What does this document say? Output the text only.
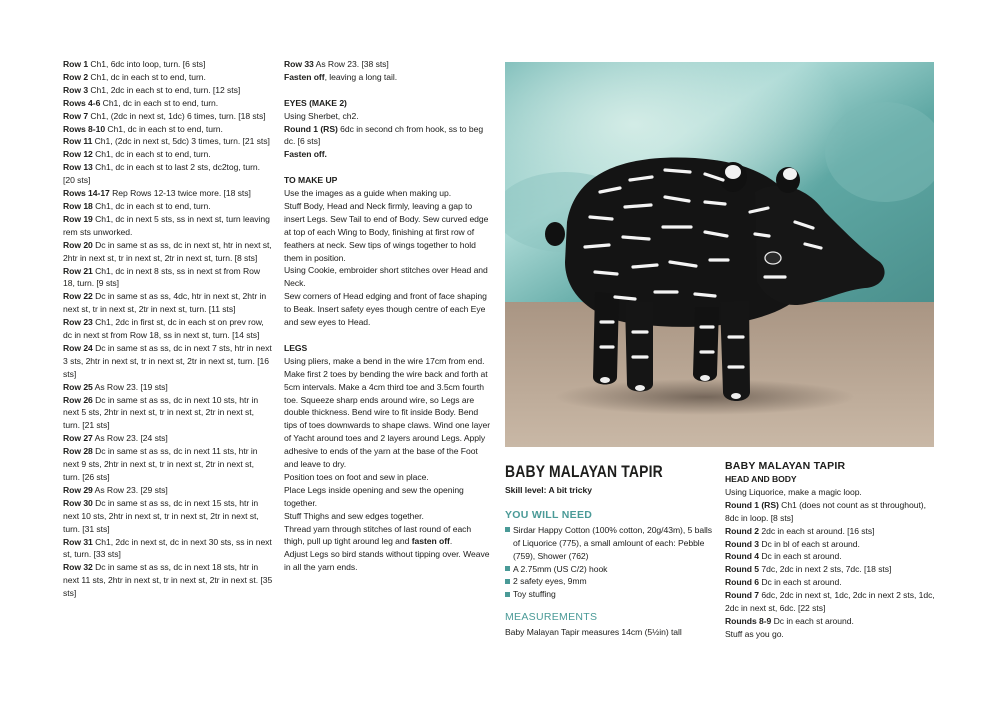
Row 1 Ch1, 6dc into loop, turn. [6 sts]

Row 2 Ch1, dc in each st to end, turn.

Row 3 Ch1, 2dc in each st to end, turn. [12 sts]

Rows 4-6 Ch1, dc in each st to end, turn.

Row 7 Ch1, (2dc in next st, 1dc) 6 times, turn. [18 sts]

Rows 8-10 Ch1, dc in each st to end, turn.

Row 11 Ch1, (2dc in next st, 5dc) 3 times, turn. [21 sts]

Row 12 Ch1, dc in each st to end, turn.

Row 13 Ch1, dc in each st to last 2 sts, dc2tog, turn. [20 sts]

Rows 14-17 Rep Rows 12-13 twice more. [18 sts]

Row 18 Ch1, dc in each st to end, turn.

Row 19 Ch1, dc in next 5 sts, ss in next st, turn leaving rem sts unworked.

Row 20 Dc in same st as ss, dc in next st, htr in next st, 2htr in next st, tr in next st, 2tr in next st, turn. [8 sts]

Row 21 Ch1, dc in next 8 sts, ss in next st from Row 18, turn. [9 sts]

Row 22 Dc in same st as ss, 4dc, htr in next st, 2htr in next st, tr in next st, 2tr in next st, turn. [11 sts]

Row 23 Ch1, 2dc in first st, dc in each st on prev row, dc in next st from Row 18, ss in next st, turn. [14 sts]

Row 24 Dc in same st as ss, dc in next 7 sts, htr in next 3 sts, 2htr in next st, tr in next st, 2tr in next st, turn. [16 sts]

Row 25 As Row 23. [19 sts]

Row 26 Dc in same st as ss, dc in next 10 sts, htr in next 5 sts, 2htr in next st, tr in next st, 2tr in next st, turn. [21 sts]

Row 27 As Row 23. [24 sts]

Row 28 Dc in same st as ss, dc in next 11 sts, htr in next 9 sts, 2htr in next st, tr in next st, 2tr in next st, turn. [26 sts]

Row 29 As Row 23. [29 sts]

Row 30 Dc in same st as ss, dc in next 15 sts, htr in next 10 sts, 2htr in next st, tr in next st, 2tr in next st, turn. [31 sts]

Row 31 Ch1, 2dc in next st, dc in next 30 sts, ss in next st, turn. [33 sts]

Row 32 Dc in same st as ss, dc in next 18 sts, htr in next 11 sts, 2htr in next st, tr in next st, 2tr in next st. [35 sts]

Row 33 As Row 23. [38 sts]

Fasten off, leaving a long tail.

EYES (MAKE 2)

Using Sherbet, ch2.

Round 1 (RS) 6dc in second ch from hook, ss to beg dc. [6 sts]

Fasten off.

TO MAKE UP

Use the images as a guide when making up.

Stuff Body, Head and Neck firmly, leaving a gap to insert Legs. Sew Tail to end of Body. Sew curved edge at top of each Wing to Body, finishing at first row of feathers at neck. Sew tips of wings together to hold them in position.

Using Cookie, embroider short stitches over Head and Neck.

Sew corners of Head edging and front of face shaping to Beak. Insert safety eyes though centre of each Eye and sew eyes to Head.

LEGS

Using pliers, make a bend in the wire 17cm from end. Make first 2 toes by bending the wire back and forth at 5cm intervals. Make a 4cm third toe and 3.5cm fourth toe. Squeeze sharp ends around wire, so Legs are double thickness. Bend wire to fit inside Body. Bend tips of toes downwards to shape claws. Wind one layer of Yacht around toes and 2 layers around Legs. Apply adhesive to ends of the yarn at the base of the Foot and leave to dry.

Position toes on foot and sew in place.

Place Legs inside opening and sew the opening together.

Stuff Thighs and sew edges together.

Thread yarn through stitches of last round of each thigh, pull up tight around leg and fasten off.

Adjust Legs so bird stands without tipping over. Weave in all the yarn ends.

BABY MALAYAN TAPIR

Skill level: A bit tricky

YOU WILL NEED

Sirdar Happy Cotton (100% cotton, 20g/43m), 5 balls of Liquorice (775), a small amlount of each: Pebble (759), Shower (762)

A 2.75mm (US C/2) hook

2 safety eyes, 9mm

Toy stuffing

MEASUREMENTS

Baby Malayan Tapir measures 14cm (5½in) tall

BABY MALAYAN TAPIR

HEAD AND BODY

Using Liquorice, make a magic loop.

Round 1 (RS) Ch1 (does not count as st throughout), 8dc in loop. [8 sts]

Round 2 2dc in each st around. [16 sts]

Round 3 Dc in bl of each st around.

Round 4 Dc in each st around.

Round 5 7dc, 2dc in next 2 sts, 7dc. [18 sts]

Round 6 Dc in each st around.

Round 7 6dc, 2dc in next st, 1dc, 2dc in next 2 sts, 1dc, 2dc in next st, 6dc. [22 sts]

Rounds 8-9 Dc in each st around.

Stuff as you go.
